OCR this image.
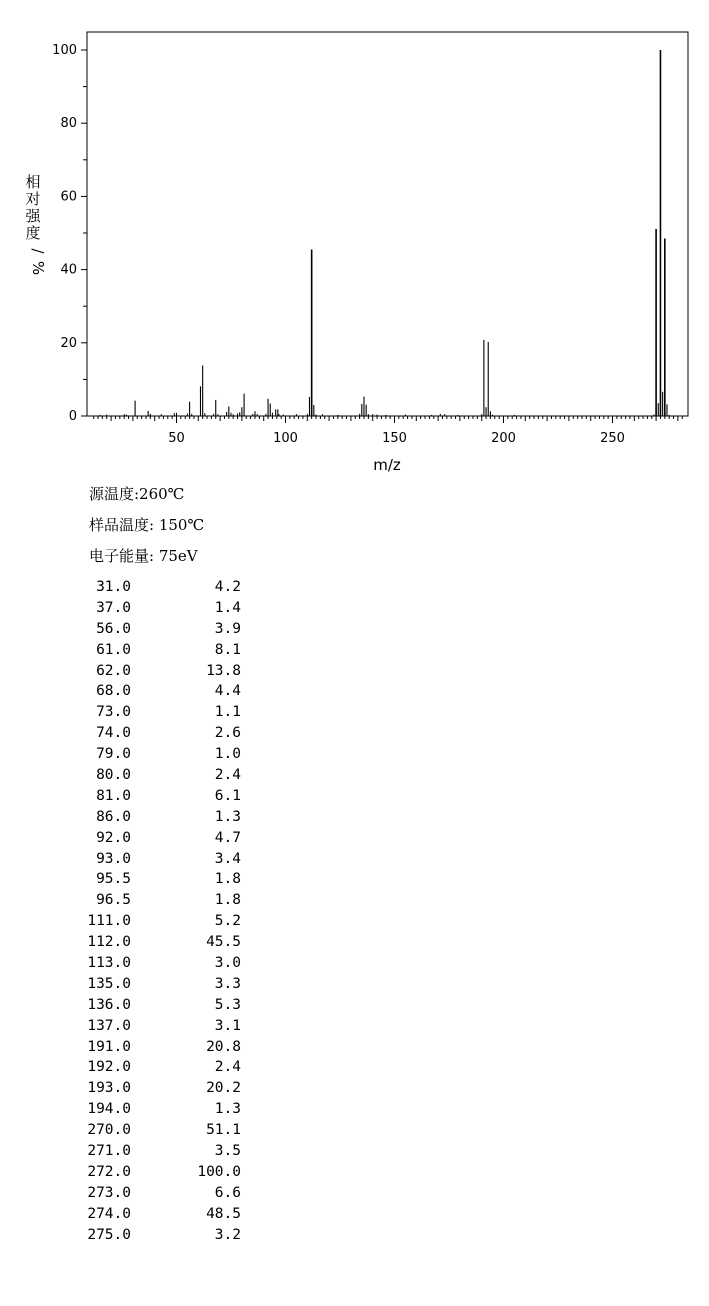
0
20
40
60
80
100
50	100	150	200	250
m/z
相
对
强
度
/
%
源温度:260℃
样品温度: 150℃
电子能量: 75eV
31.0	4.2
37.0	1.4
56.0	3.9
61.0	8.1
62.0	13.8
68.0	4.4
73.0	1.1
74.0	2.6
79.0	1.0
80.0	2.4
81.0	6.1
86.0	1.3
92.0	4.7
93.0	3.4
95.5	1.8
96.5	1.8
111.0	5.2
112.0	45.5
113.0	3.0
135.0	3.3
136.0	5.3
137.0	3.1
191.0	20.8
192.0	2.4
193.0	20.2
194.0	1.3
270.0	51.1
271.0	3.5
272.0	100.0
273.0	6.6
274.0	48.5
275.0	3.2
